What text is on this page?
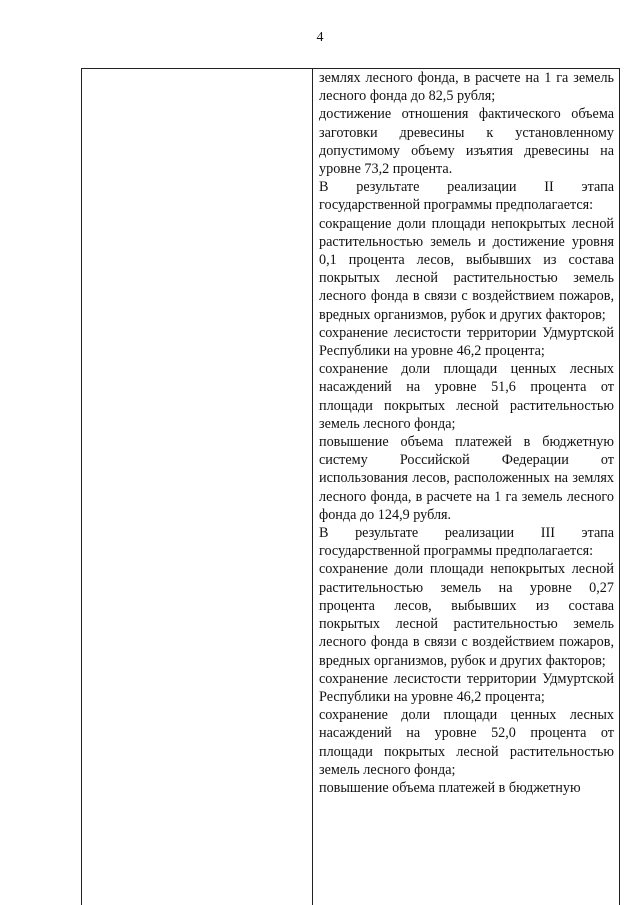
4

землях лесного фонда, в расчете на 1 га земель лесного фонда до 82,5 рубля;

достижение отношения фактического объема заготовки древесины к установленному допустимому объему изъятия древесины на уровне 73,2 процента.

В результате реализации II этапа государственной программы предполагается:

сокращение доли площади непокрытых лесной растительностью земель и достижение уровня 0,1 процента лесов, выбывших из состава покрытых лесной растительностью земель лесного фонда в связи с воздействием пожаров, вредных организмов, рубок и других факторов;

сохранение лесистости территории Удмуртской Республики на уровне 46,2 процента;

сохранение доли площади ценных лесных насаждений на уровне 51,6 процента от площади покрытых лесной растительностью земель лесного фонда;

повышение объема платежей в бюджетную систему Российской Федерации от использования лесов, расположенных на землях лесного фонда, в расчете на 1 га земель лесного фонда до 124,9 рубля.

В результате реализации III этапа государственной программы предполагается:

сохранение доли площади непокрытых лесной растительностью земель на уровне 0,27 процента лесов, выбывших из состава покрытых лесной растительностью земель лесного фонда в связи с воздействием пожаров, вредных организмов, рубок и других факторов;

сохранение лесистости территории Удмуртской Республики на уровне 46,2 процента;

сохранение доли площади ценных лесных насаждений на уровне 52,0 процента от площади покрытых лесной растительностью земель лесного фонда;

повышение объема платежей в бюджетную
